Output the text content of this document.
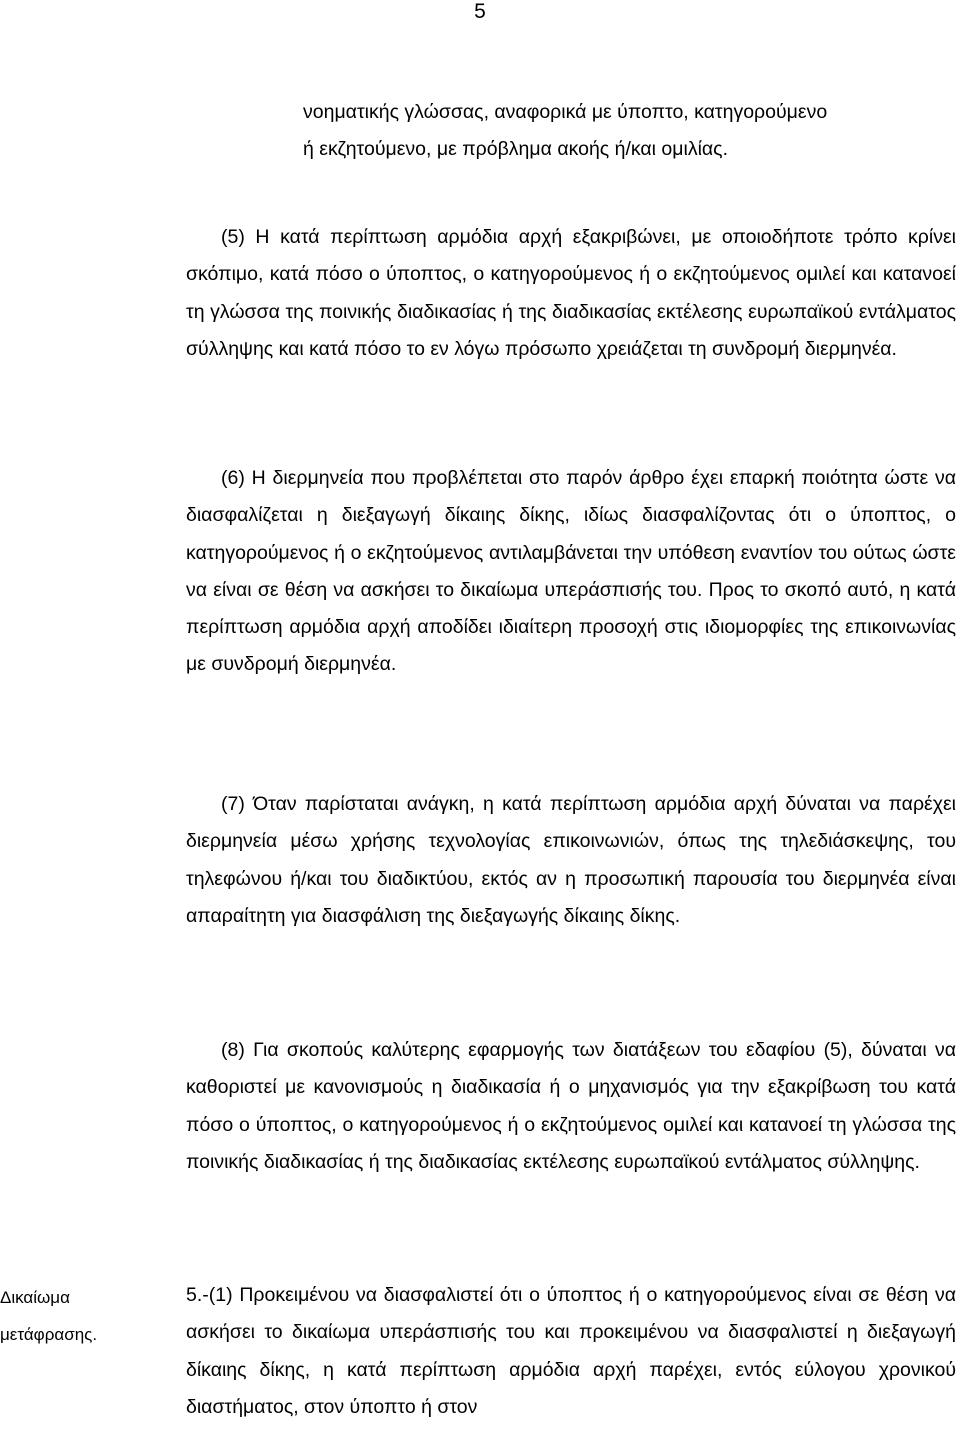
5
νοηματικής γλώσσας, αναφορικά με ύποπτο, κατηγορούμενο
ή εκζητούμενο, με πρόβλημα ακοής ή/και ομιλίας.

(5) Η κατά περίπτωση αρμόδια αρχή εξακριβώνει, με οποιοδήποτε τρόπο κρίνει σκόπιμο, κατά πόσο ο ύποπτος, ο κατηγορούμενος ή ο εκζητούμενος ομιλεί και κατανοεί τη γλώσσα της ποινικής διαδικασίας ή της διαδικασίας εκτέλεσης ευρωπαϊκού εντάλματος σύλληψης και κατά πόσο το εν λόγω πρόσωπο χρειάζεται τη συνδρομή διερμηνέα.

(6) Η διερμηνεία που προβλέπεται στο παρόν άρθρο έχει επαρκή ποιότητα ώστε να διασφαλίζεται η διεξαγωγή δίκαιης δίκης, ιδίως διασφαλίζοντας ότι ο ύποπτος, ο κατηγορούμενος ή ο εκζητούμενος αντιλαμβάνεται την υπόθεση εναντίον του ούτως ώστε να είναι σε θέση να ασκήσει το δικαίωμα υπεράσπισής του. Προς το σκοπό αυτό, η κατά περίπτωση αρμόδια αρχή αποδίδει ιδιαίτερη προσοχή στις ιδιομορφίες της επικοινωνίας με συνδρομή διερμηνέα.

(7) Όταν παρίσταται ανάγκη, η κατά περίπτωση αρμόδια αρχή δύναται να παρέχει διερμηνεία μέσω χρήσης τεχνολογίας επικοινωνιών, όπως της τηλεδιάσκεψης, του τηλεφώνου ή/και του διαδικτύου, εκτός αν η προσωπική παρουσία του διερμηνέα είναι απαραίτητη για διασφάλιση της διεξαγωγής δίκαιης δίκης.

(8) Για σκοπούς καλύτερης εφαρμογής των διατάξεων του εδαφίου (5), δύναται να καθοριστεί με κανονισμούς η διαδικασία ή ο μηχανισμός για την εξακρίβωση του κατά πόσο ο ύποπτος, ο κατηγορούμενος ή ο εκζητούμενος ομιλεί και κατανοεί τη γλώσσα της ποινικής διαδικασίας ή της διαδικασίας εκτέλεσης ευρωπαϊκού εντάλματος σύλληψης.

Δικαίωμα
μετάφρασης.

5.-(1) Προκειμένου να διασφαλιστεί ότι ο ύποπτος ή ο κατηγορούμενος είναι σε θέση να ασκήσει το δικαίωμα υπεράσπισής του και προκειμένου να διασφαλιστεί η διεξαγωγή δίκαιης δίκης, η κατά περίπτωση αρμόδια αρχή παρέχει, εντός εύλογου χρονικού διαστήματος, στον ύποπτο ή στον
